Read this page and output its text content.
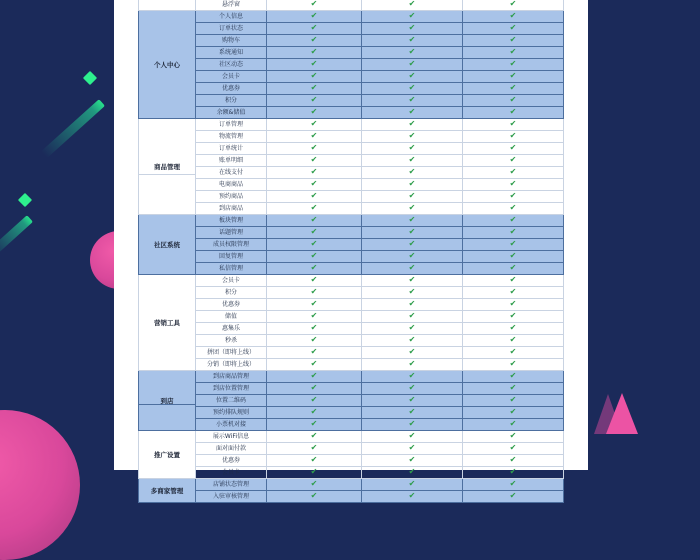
	悬浮窗	✔	✔	✔
个人中心	个人信息	✔	✔	✔
	订单状态	✔	✔	✔
	购物车	✔	✔	✔
	系统通知	✔	✔	✔
	社区动态	✔	✔	✔
	会员卡	✔	✔	✔
	优惠券	✔	✔	✔
	积分	✔	✔	✔
	余额&储值	✔	✔	✔
商品管理	订单管理	✔	✔	✔
	物流管理	✔	✔	✔
	订单统计	✔	✔	✔
	账单明细	✔	✔	✔
	在线支付	✔	✔	✔
	电商商品	✔	✔	✔
	预约商品	✔	✔	✔
	到店商品	✔	✔	✔
社区系统	板块管理	✔	✔	✔
	话题管理	✔	✔	✔
	成员权限管理	✔	✔	✔
	回复管理	✔	✔	✔
	私信管理	✔	✔	✔
营销工具	会员卡	✔	✔	✔
	积分	✔	✔	✔
	优惠券	✔	✔	✔
	储值	✔	✔	✔
	惠集乐	✔	✔	✔
	秒杀	✔	✔	✔
	拼团（即将上线）	✔	✔	✔
	分销（即将上线）	✔	✔	✔
到店	到店商品管理	✔	✔	✔
	到店位置管理	✔	✔	✔
	位置二维码	✔	✔	✔
	预约排队规则	✔	✔	✔
	小票机对接	✔	✔	✔
推广设置	展示WiFi信息	✔	✔	✔
	面对面付款	✔	✔	✔
	优惠券	✔	✔	✔
	会员卡	✔	✔	✔
多商家管理	店铺状态管理	✔	✔	✔
	入驻审核管理	✔	✔	✔
